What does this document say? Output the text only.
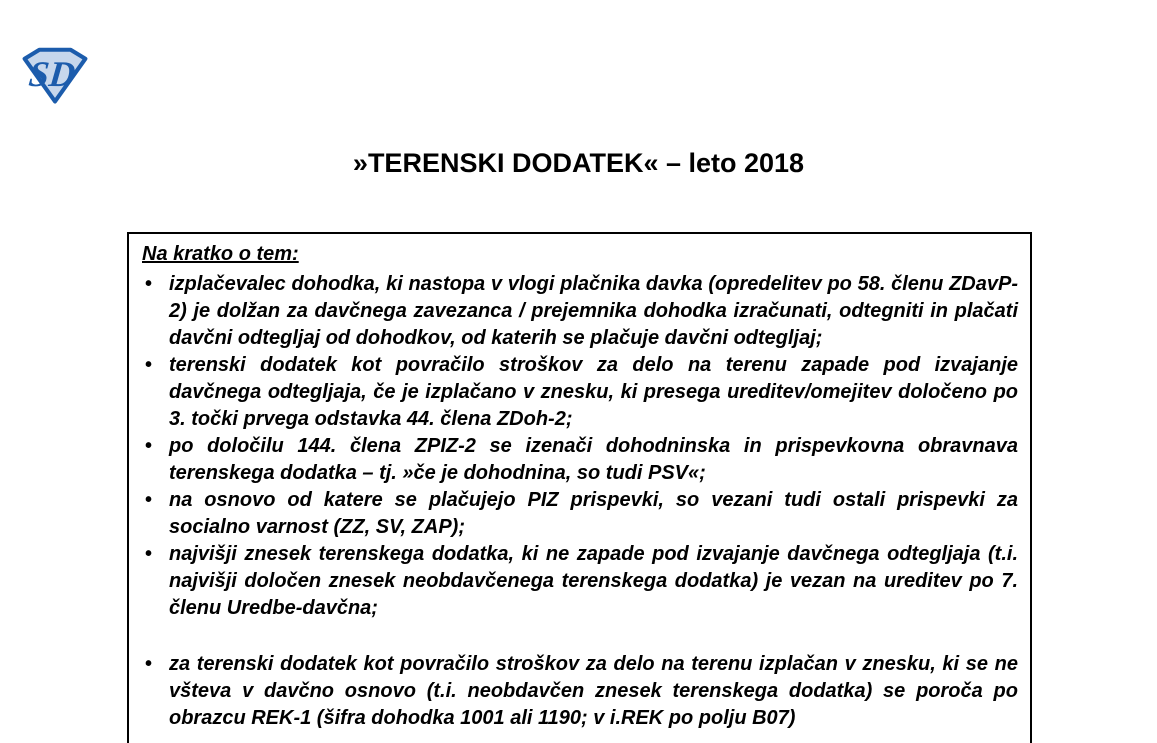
SD
»TERENSKI DODATEK« – leto 2018
Na kratko o tem:
• izplačevalec dohodka, ki nastopa v vlogi plačnika davka (opredelitev po 58. členu ZDavP-2) je dolžan za davčnega zavezanca / prejemnika dohodka izračunati, odtegniti in plačati davčni odtegljaj od dohodkov, od katerih se plačuje davčni odtegljaj;
• terenski dodatek kot povračilo stroškov za delo na terenu zapade pod izvajanje davčnega odtegljaja, če je izplačano v znesku, ki presega ureditev/omejitev določeno po 3. točki prvega odstavka 44. člena ZDoh-2;
• po določilu 144. člena ZPIZ-2 se izenači dohodninska in prispevkovna obravnava terenskega dodatka – tj. »če je dohodnina, so tudi PSV«;
• na osnovo od katere se plačujejo PIZ prispevki, so vezani tudi ostali prispevki za socialno varnost (ZZ, SV, ZAP);
• najvišji znesek terenskega dodatka, ki ne zapade pod izvajanje davčnega odtegljaja (t.i. najvišji določen znesek neobdavčenega terenskega dodatka) je vezan na ureditev po 7. členu Uredbe-davčna;
• za terenski dodatek kot povračilo stroškov za delo na terenu izplačan v znesku, ki se ne všteva v davčno osnovo (t.i. neobdavčen znesek terenskega dodatka) se poroča po obrazcu REK-1 (šifra dohodka 1001 ali 1190; v i.REK po polju B07)
